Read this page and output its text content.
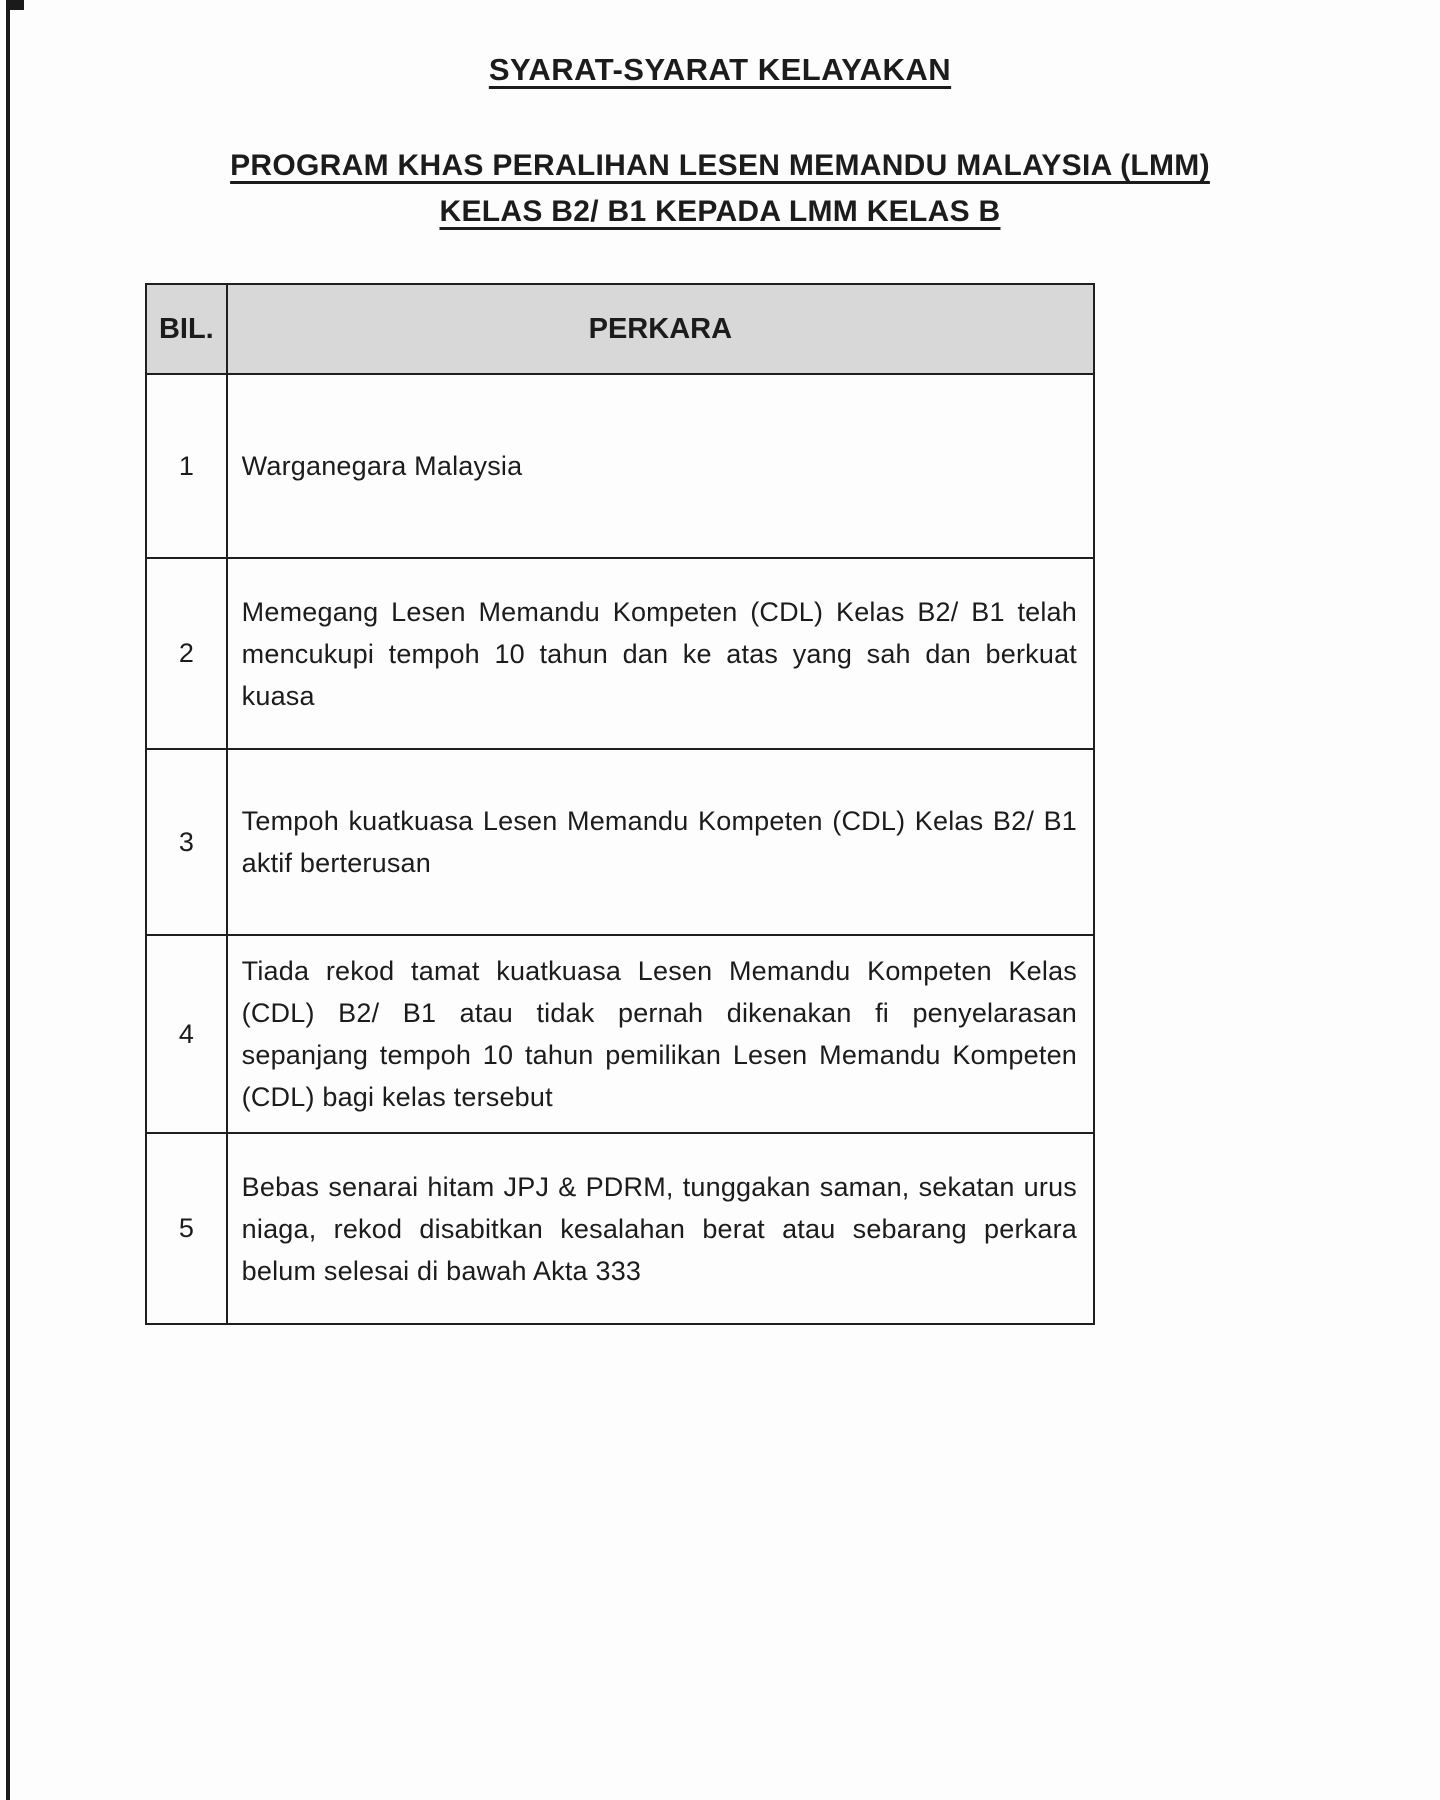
SYARAT-SYARAT KELAYAKAN
PROGRAM KHAS PERALIHAN LESEN MEMANDU MALAYSIA (LMM)
KELAS B2/ B1 KEPADA LMM KELAS B
BIL.	PERKARA
1	Warganegara Malaysia
2	Memegang Lesen Memandu Kompeten (CDL) Kelas B2/ B1 telah mencukupi tempoh 10 tahun dan ke atas yang sah dan berkuat kuasa
3	Tempoh kuatkuasa Lesen Memandu Kompeten (CDL) Kelas B2/ B1 aktif berterusan
4	Tiada rekod tamat kuatkuasa Lesen Memandu Kompeten Kelas (CDL) B2/ B1 atau tidak pernah dikenakan fi penyelarasan sepanjang tempoh 10 tahun pemilikan Lesen Memandu Kompeten (CDL) bagi kelas tersebut
5	Bebas senarai hitam JPJ & PDRM, tunggakan saman, sekatan urus niaga, rekod disabitkan kesalahan berat atau sebarang perkara belum selesai di bawah Akta 333
